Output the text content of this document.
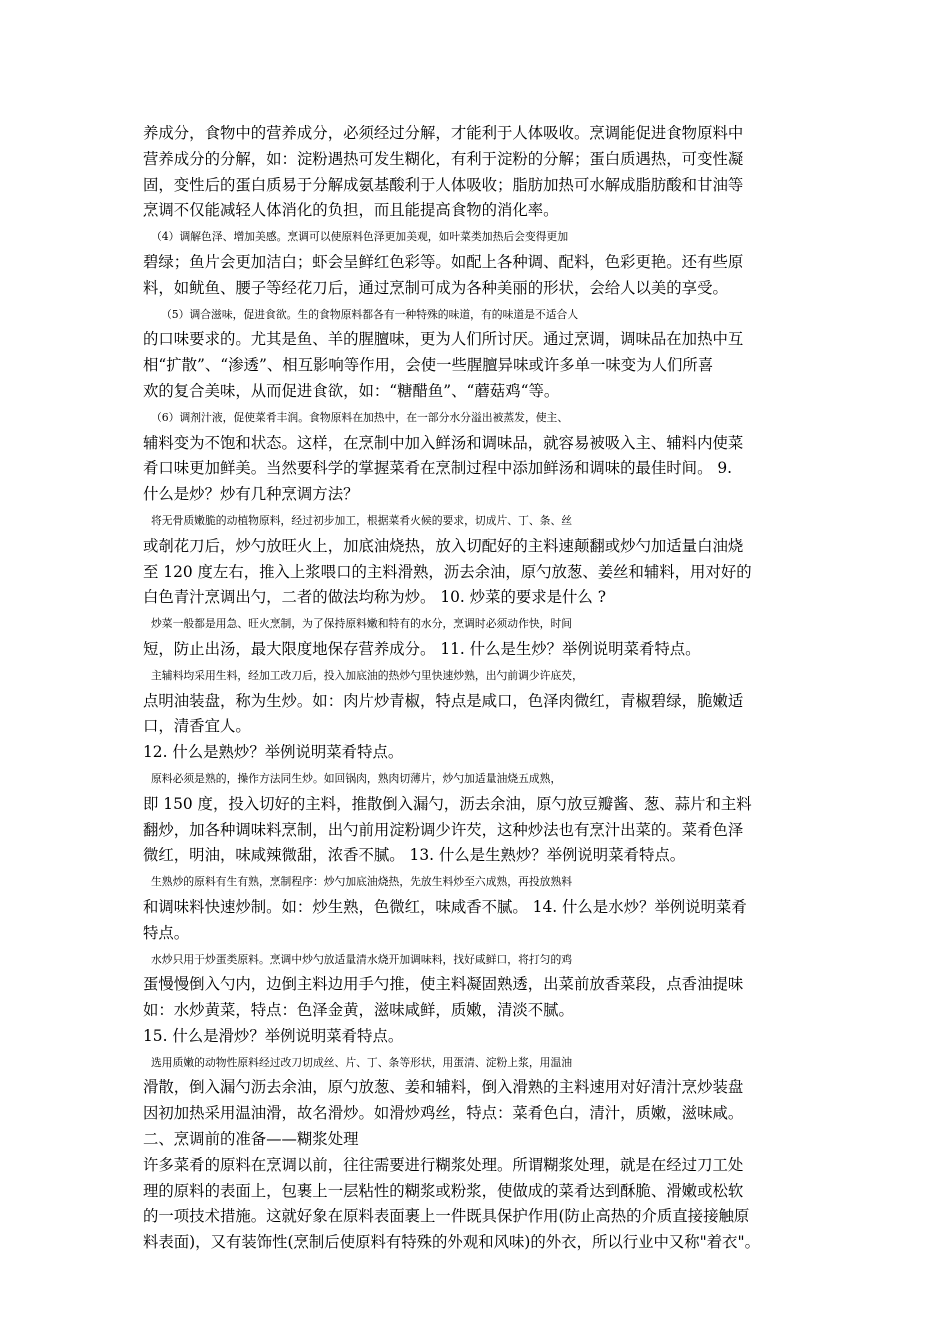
养成分，食物中的营养成分，必须经过分解，才能利于人体吸收。烹调能促进食物原料中
营养成分的分解，如：淀粉遇热可发生糊化，有利于淀粉的分解；蛋白质遇热，可变性凝
固，变性后的蛋白质易于分解成氨基酸利于人体吸收；脂肪加热可水解成脂肪酸和甘油等
烹调不仅能减轻人体消化的负担，而且能提高食物的消化率。
（4）调解色泽、增加美感。烹调可以使原料色泽更加美观，如叶菜类加热后会变得更加
碧绿；鱼片会更加洁白；虾会呈鲜红色彩等。如配上各种调、配料，色彩更艳。还有些原
料，如鱿鱼、腰子等经花刀后，通过烹制可成为各种美丽的形状，会给人以美的享受。
（5）调合滋味，促进食欲。生的食物原料都各有一种特殊的味道，有的味道是不适合人
的口味要求的。尤其是鱼、羊的腥膻味，更为人们所讨厌。通过烹调，调味品在加热中互
相“扩散”、“渗透”、相互影响等作用，会使一些腥膻异味或许多单一味变为人们所喜
欢的复合美味，从而促进食欲，如：“糖醋鱼”、“蘑菇鸡“等。
（6）调剂汁液，促使菜肴丰润。食物原料在加热中，在一部分水分溢出被蒸发，使主、
辅料变为不饱和状态。这样，在烹制中加入鲜汤和调味品，就容易被吸入主、辅料内使菜
肴口味更加鲜美。当然要科学的掌握菜肴在烹制过程中添加鲜汤和调味的最佳时间。 9.
什么是炒？炒有几种烹调方法？
将无骨质嫩脆的动植物原料，经过初步加工，根据菜肴火候的要求，切成片、丁、条、丝
或剞花刀后，炒勺放旺火上，加底油烧热，放入切配好的主料速颠翻或炒勺加适量白油烧
至 120 度左右，推入上浆喂口的主料滑熟，沥去余油，原勺放葱、姜丝和辅料，用对好的
白色青汁烹调出勺，二者的做法均称为炒。 10. 炒菜的要求是什么 ?
炒菜一般都是用急、旺火烹制，为了保持原料嫩和特有的水分，烹调时必须动作快，时间
短，防止出汤，最大限度地保存营养成分。 11. 什么是生炒？举例说明菜肴特点。
主辅料均采用生料，经加工改刀后，投入加底油的热炒勺里快速炒熟，出勺前调少许底芡，
点明油装盘，称为生炒。如：肉片炒青椒，特点是咸口，色泽肉微红，青椒碧绿，脆嫩适
口，清香宜人。
12. 什么是熟炒？举例说明菜肴特点。
原料必须是熟的，操作方法同生炒。如回锅肉，熟肉切薄片，炒勺加适量油烧五成熟，
即 150 度，投入切好的主料，推散倒入漏勺，沥去余油，原勺放豆瓣酱、葱、蒜片和主料
翻炒，加各种调味料烹制，出勺前用淀粉调少许芡，这种炒法也有烹汁出菜的。菜肴色泽
微红，明油，味咸辣微甜，浓香不腻。 13. 什么是生熟炒？举例说明菜肴特点。
生熟炒的原料有生有熟，烹制程序：炒勺加底油烧热，先放生料炒至六成熟，再投放熟料
和调味料快速炒制。如：炒生熟，色微红，味咸香不腻。 14. 什么是水炒？举例说明菜肴
特点。
水炒只用于炒蛋类原料。烹调中炒勺放适量清水烧开加调味料，找好咸鲜口，将打匀的鸡
蛋慢慢倒入勺内，边倒主料边用手勺推，使主料凝固熟透，出菜前放香菜段，点香油提味
如：水炒黄菜，特点：色泽金黄，滋味咸鲜，质嫩，清淡不腻。
15. 什么是滑炒？举例说明菜肴特点。
选用质嫩的动物性原料经过改刀切成丝、片、丁、条等形状，用蛋清、淀粉上浆，用温油
滑散，倒入漏勺沥去余油，原勺放葱、姜和辅料，倒入滑熟的主料速用对好清汁烹炒装盘
因初加热采用温油滑，故名滑炒。如滑炒鸡丝，特点：菜肴色白，清汁，质嫩，滋味咸。
二、烹调前的准备——糊浆处理
许多菜肴的原料在烹调以前，往往需要进行糊浆处理。所谓糊浆处理，就是在经过刀工处
理的原料的表面上，包裹上一层粘性的糊浆或粉浆，使做成的菜肴达到酥脆、滑嫩或松软
的一项技术措施。这就好象在原料表面裹上一件既具保护作用(防止高热的介质直接接触原
料表面)，又有装饰性(烹制后使原料有特殊的外观和风味)的外衣，所以行业中又称"着衣"。
